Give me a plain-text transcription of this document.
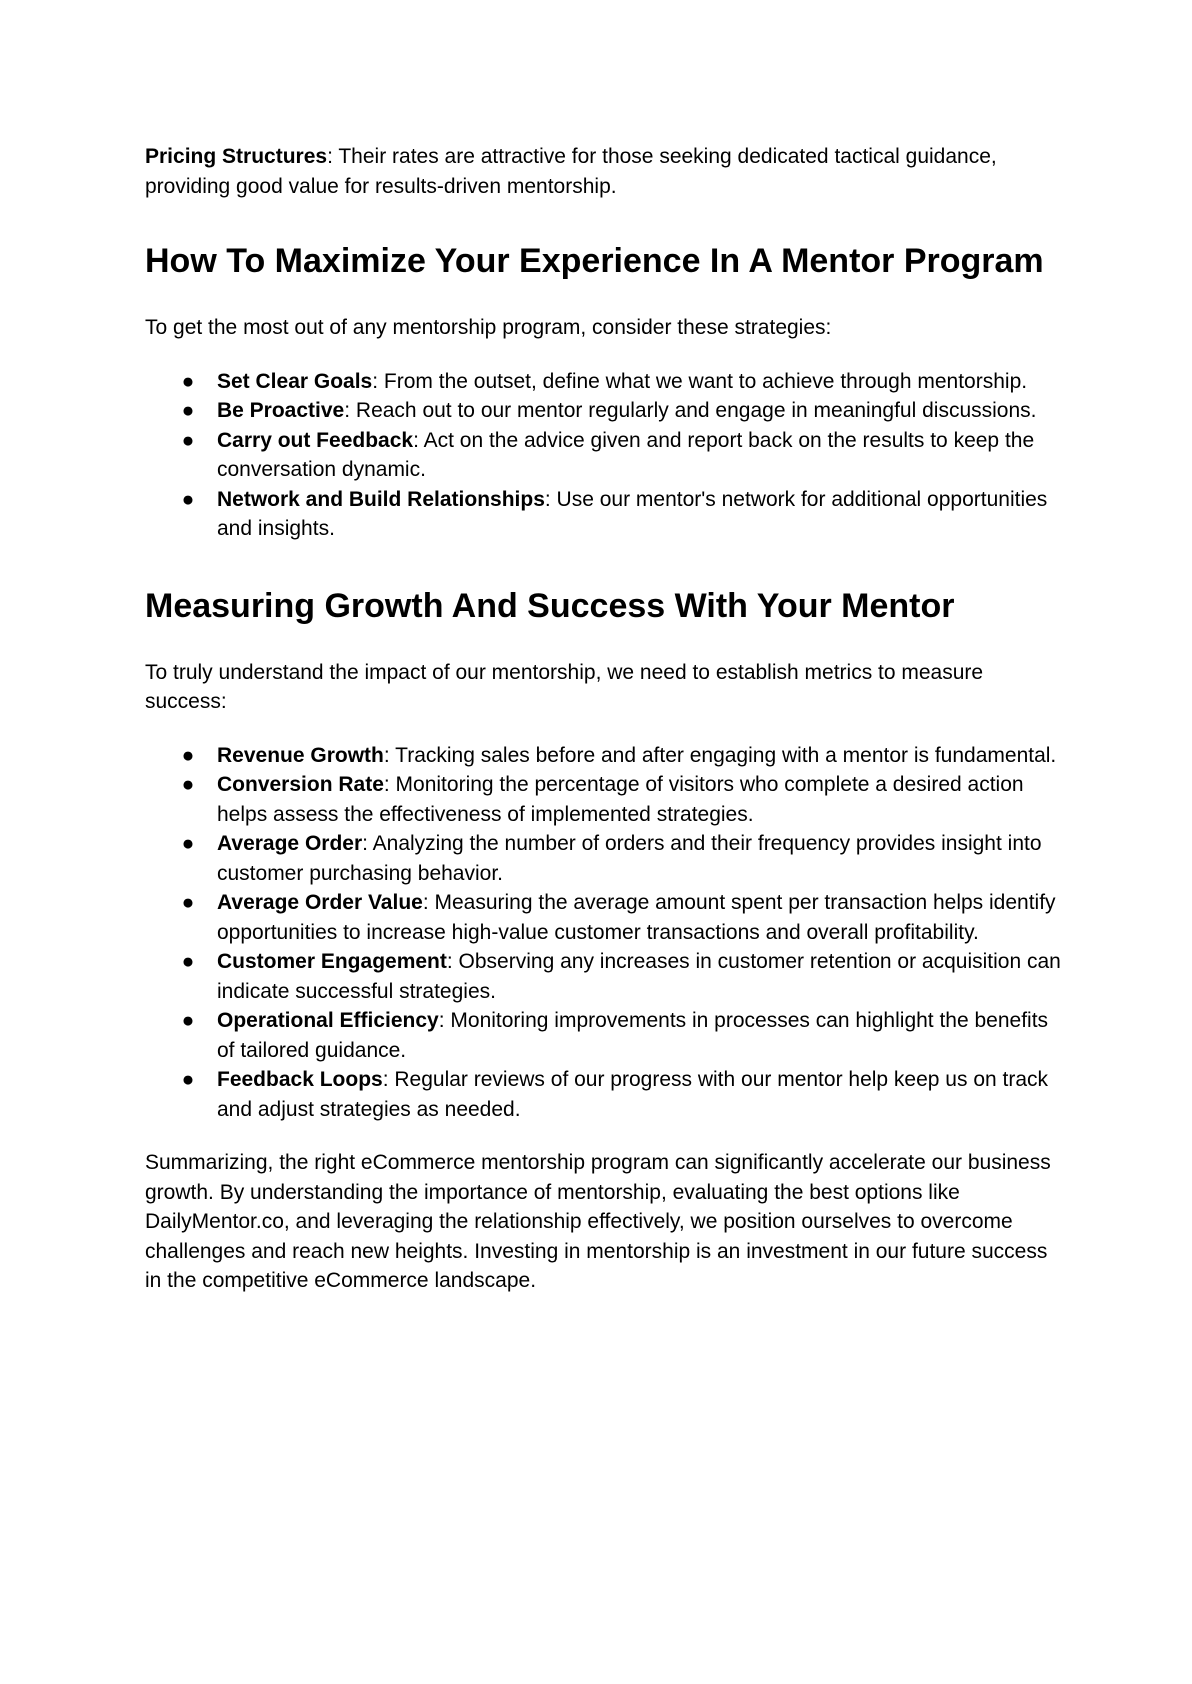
Pricing Structures: Their rates are attractive for those seeking dedicated tactical guidance, providing good value for results-driven mentorship.

How To Maximize Your Experience In A Mentor Program

To get the most out of any mentorship program, consider these strategies:

● Set Clear Goals: From the outset, define what we want to achieve through mentorship.
● Be Proactive: Reach out to our mentor regularly and engage in meaningful discussions.
● Carry out Feedback: Act on the advice given and report back on the results to keep the conversation dynamic.
● Network and Build Relationships: Use our mentor's network for additional opportunities and insights.
Measuring Growth And Success With Your Mentor

To truly understand the impact of our mentorship, we need to establish metrics to measure success:

● Revenue Growth: Tracking sales before and after engaging with a mentor is fundamental.
● Conversion Rate: Monitoring the percentage of visitors who complete a desired action helps assess the effectiveness of implemented strategies.
● Average Order: Analyzing the number of orders and their frequency provides insight into customer purchasing behavior.
● Average Order Value: Measuring the average amount spent per transaction helps identify opportunities to increase high-value customer transactions and overall profitability.
● Customer Engagement: Observing any increases in customer retention or acquisition can indicate successful strategies.
● Operational Efficiency: Monitoring improvements in processes can highlight the benefits of tailored guidance.
● Feedback Loops: Regular reviews of our progress with our mentor help keep us on track and adjust strategies as needed.

Summarizing, the right eCommerce mentorship program can significantly accelerate our business growth. By understanding the importance of mentorship, evaluating the best options like DailyMentor.co, and leveraging the relationship effectively, we position ourselves to overcome challenges and reach new heights. Investing in mentorship is an investment in our future success in the competitive eCommerce landscape.
